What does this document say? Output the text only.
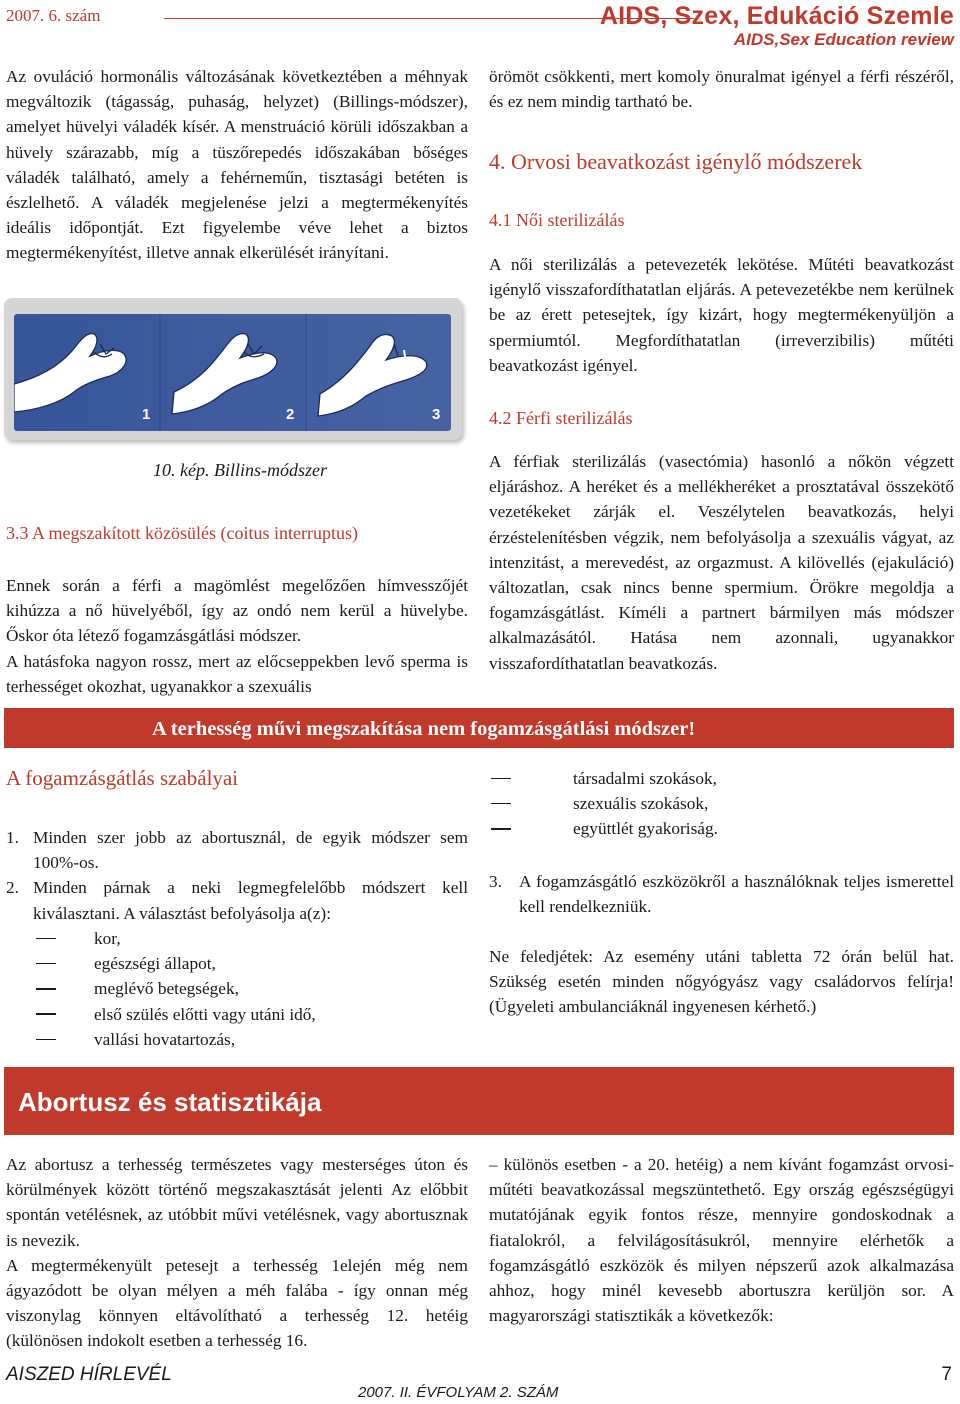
2007. 6. szám	AIDS, Szex, Edukáció Szemle
AIDS,Sex Education review
Az ovuláció hormonális változásának következtében a méhnyak megváltozik (tágasság, puhaság, helyzet) (Billings-módszer), amelyet hüvelyi váladék kísér. A menstruáció körüli időszakban a hüvely szárazabb, míg a tüszőrepedés időszakában bőséges váladék található, amely a fehérneműn, tisztasági betéten is észlelhető. A váladék megjelenése jelzi a megtermékenyítés ideális időpontját. Ezt figyelembe véve lehet a biztos megtermékenyítést, illetve annak elkerülését irányítani.
1	2	3
10. kép. Billins-módszer
3.3 A megszakított közösülés (coitus interruptus)

Ennek során a férfi a magömlést megelőzően hímvesszőjét kihúzza a nő hüvelyéből, így az ondó nem kerül a hüvelybe. Őskor óta létező fogamzásgátlási módszer.

A hatásfoka nagyon rossz, mert az előcseppekben levő sperma is terhességet okozhat, ugyanakkor a szexuális

örömöt csökkenti, mert komoly önuralmat igényel a férfi részéről, és ez nem mindig tartható be.
4. Orvosi beavatkozást igénylő módszerek
4.1 Női sterilizálás
A női sterilizálás a petevezeték lekötése. Műtéti beavatkozást igénylő visszafordíthatatlan eljárás. A petevezetékbe nem kerülnek be az érett petesejtek, így kizárt, hogy megtermékenyüljön a spermiumtól. Megfordíthatatlan (irreverzibilis) műtéti beavatkozást igényel.
4.2 Férfi sterilizálás
A férfiak sterilizálás (vasectómia) hasonló a nőkön végzett eljáráshoz. A heréket és a mellékheréket a prosztatával összekötő vezetékeket zárják el. Veszélytelen beavatkozás, helyi érzéstelenítésben végzik, nem befolyásolja a szexuális vágyat, az intenzitást, a merevedést, az orgazmust. A kilövellés (ejakuláció) változatlan, csak nincs benne spermium. Örökre megoldja a fogamzásgátlást. Kíméli a partnert bármilyen más módszer alkalmazásától. Hatása nem azonnali, ugyanakkor visszafordíthatatlan beavatkozás.
A terhesség művi megszakítása nem fogamzásgátlási módszer!
A fogamzásgátlás szabályai
1. Minden szer jobb az abortusznál, de egyik módszer sem 100%-os.
2. Minden párnak a neki legmegfelelőbb módszert kell kiválasztani. A választást befolyásolja a(z):
kor,
egészségi állapot,
meglévő betegségek,
első szülés előtti vagy utáni idő,
vallási hovatartozás,
társadalmi szokások,
szexuális szokások,
együttlét gyakoriság.
3. A fogamzásgátló eszközökről a használóknak teljes ismerettel kell rendelkezniük.
Ne feledjétek: Az esemény utáni tabletta 72 órán belül hat. Szükség esetén minden nőgyógyász vagy családorvos felírja! (Ügyeleti ambulanciáknál ingyenesen kérhető.)
Abortusz és statisztikája

Az abortusz a terhesség természetes vagy mesterséges úton és körülmények között történő megszakasztását jelenti Az előbbit spontán vetélésnek, az utóbbit művi vetélésnek, vagy abortusznak is nevezik.

A megtermékenyült petesejt a terhesség 1elején még nem ágyazódott be olyan mélyen a méh falába - így onnan még viszonylag könnyen eltávolítható a terhesség 12. hetéig (különösen indokolt esetben a terhesség 16.

– különös esetben - a 20. hetéig) a nem kívánt fogamzást orvosi-műtéti beavatkozással megszüntethető. Egy ország egészségügyi mutatójának egyik fontos része, mennyire gondoskodnak a fiatalokról, a felvilágosításukról, mennyire elérhetők a fogamzásgátló eszközök és milyen népszerű azok alkalmazása ahhoz, hogy minél kevesebb abortuszra kerüljön sor. A magyarországi statisztikák a következők:
AISZED HÍRLEVÉL
2007. II. ÉVFOLYAM 2. SZÁM
7
